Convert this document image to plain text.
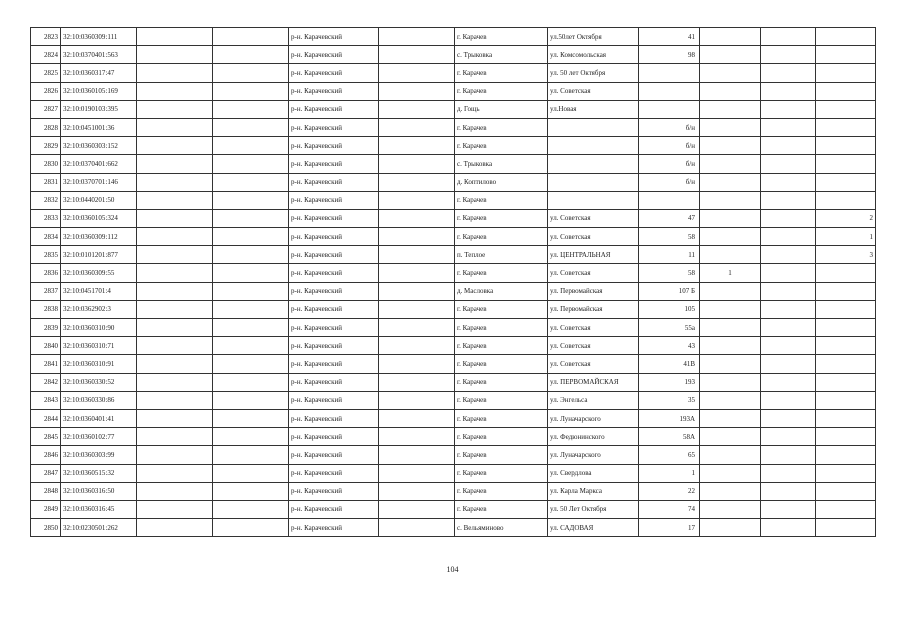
2823	32:10:0360309:111			р-н. Карачевский		г. Карачев	ул.50лет Октября	41			
2824	32:10:0370401:563			р-н. Карачевский		с. Трыковка	ул. Комсомольская	98			
2825	32:10:0360317:47			р-н. Карачевский		г. Карачев	ул. 50 лет Октября				
2826	32:10:0360105:169			р-н. Карачевский		г. Карачев	ул. Советская				
2827	32:10:0190103:395			р-н. Карачевский		д. Гощь	ул.Новая				
2828	32:10:0451001:36			р-н. Карачевский		г. Карачев		б/н			
2829	32:10:0360303:152			р-н. Карачевский		г. Карачев		б/н			
2830	32:10:0370401:662			р-н. Карачевский		с. Трыковка		б/н			
2831	32:10:0370701:146			р-н. Карачевский		д. Коптилово		б/н			
2832	32:10:0440201:50			р-н. Карачевский		г. Карачев					
2833	32:10:0360105:324			р-н. Карачевский		г. Карачев	ул. Советская	47			2
2834	32:10:0360309:112			р-н. Карачевский		г. Карачев	ул. Советская	58			1
2835	32:10:0101201:877			р-н. Карачевский		п. Теплое	ул. ЦЕНТРАЛЬНАЯ	11			3
2836	32:10:0360309:55			р-н. Карачевский		г. Карачев	ул. Советская	58	1		
2837	32:10:0451701:4			р-н. Карачевский		д. Масловка	ул. Первомайская	107 Б			
2838	32:10:0362902:3			р-н. Карачевский		г. Карачев	ул. Первомайская	105			
2839	32:10:0360310:90			р-н. Карачевский		г. Карачев	ул. Советская	55а			
2840	32:10:0360310:71			р-н. Карачевский		г. Карачев	ул. Советская	43			
2841	32:10:0360310:91			р-н. Карачевский		г. Карачев	ул. Советская	41В			
2842	32:10:0360330:52			р-н. Карачевский		г. Карачев	ул. ПЕРВОМАЙСКАЯ	193			
2843	32:10:0360330:86			р-н. Карачевский		г. Карачев	ул. Энгельса	35			
2844	32:10:0360401:41			р-н. Карачевский		г. Карачев	ул. Луначарского	193А			
2845	32:10:0360102:77			р-н. Карачевский		г. Карачев	ул. Федюнинского	58А			
2846	32:10:0360303:99			р-н. Карачевский		г. Карачев	ул. Луначарского	65			
2847	32:10:0360515:32			р-н. Карачевский		г. Карачев	ул. Свердлова	1			
2848	32:10:0360316:50			р-н. Карачевский		г. Карачев	ул. Карла Маркса	22			
2849	32:10:0360316:45			р-н. Карачевский		г. Карачев	ул. 50 Лет Октября	74			
2850	32:10:0230501:262			р-н. Карачевский		с. Вельяминово	ул. САДОВАЯ	17			
104
